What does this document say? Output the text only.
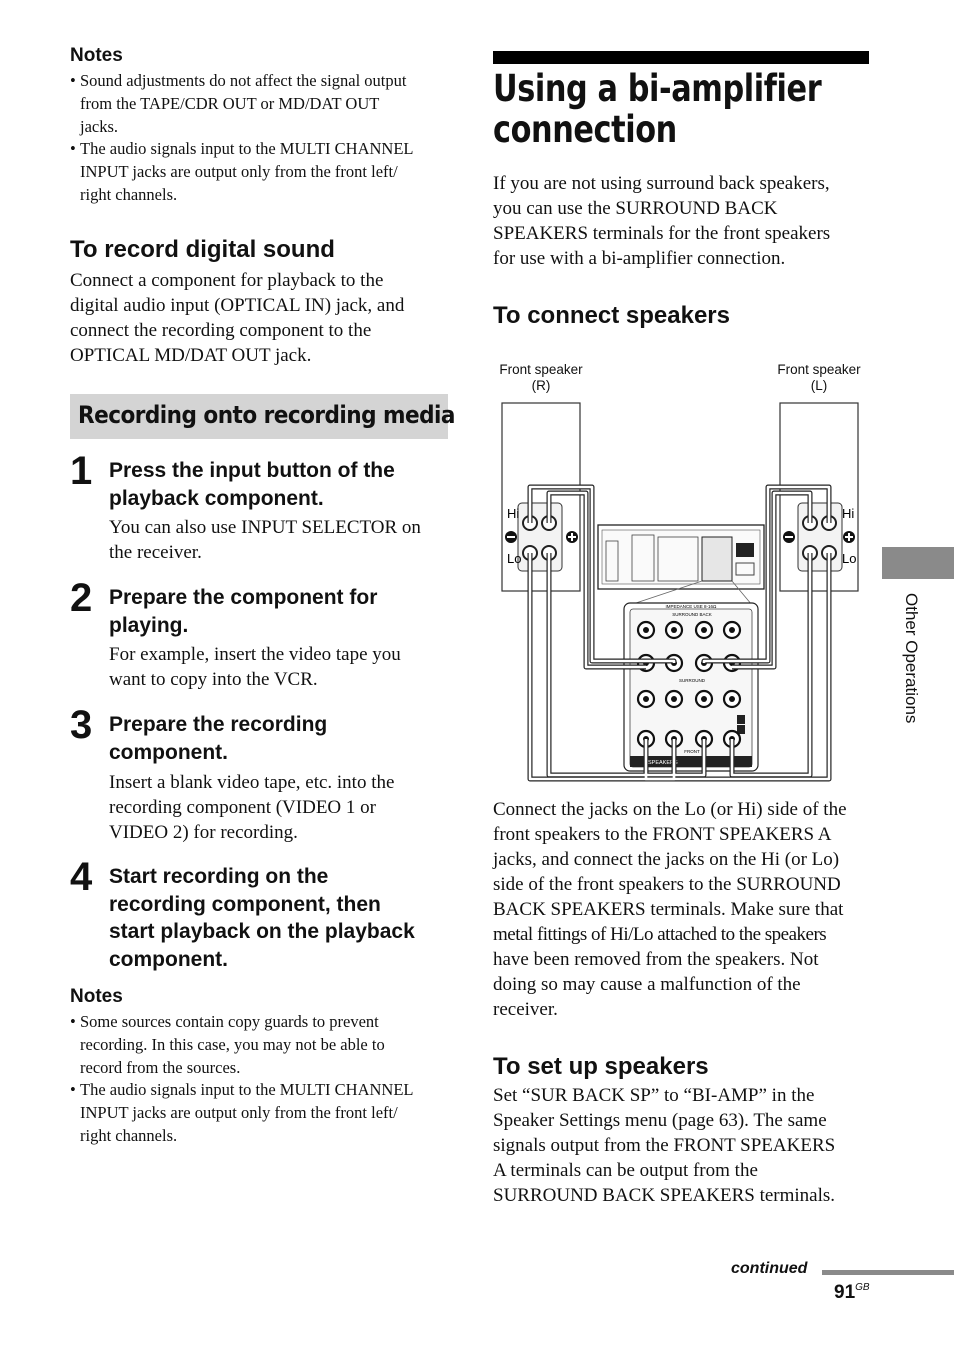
Notes
• Sound adjustments do not affect the signal output
from the TAPE/CDR OUT or MD/DAT OUT
jacks.
• The audio signals input to the MULTI CHANNEL
INPUT jacks are output only from the front left/
right channels.
To record digital sound
Connect a component for playback to the
digital audio input (OPTICAL IN) jack, and
connect the recording component to the
OPTICAL MD/DAT OUT jack.
Recording onto recording media
1 Press the input button of the
playback component.
You can also use INPUT SELECTOR on
the receiver.
2 Prepare the component for
playing.
For example, insert the video tape you
want to copy into the VCR.
3 Prepare the recording
component.
Insert a blank video tape, etc. into the
recording component (VIDEO 1 or
VIDEO 2) for recording.
4 Start recording on the
recording component, then
start playback on the playback
component.
Notes
• Some sources contain copy guards to prevent
recording. In this case, you may not be able to
record from the sources.
• The audio signals input to the MULTI CHANNEL
INPUT jacks are output only from the front left/
right channels.
Using a bi-amplifier
connection
If you are not using surround back speakers,
you can use the SURROUND BACK
SPEAKERS terminals for the front speakers
for use with a bi-amplifier connection.
To connect speakers
Front speaker
(R)
Front speaker
(L)
Hi
Lo
Hi
Lo
IMPEDANCE USE 8-16Ω
SURROUND BACK
SURROUND
FRONT
SPEAKERS
Connect the jacks on the Lo (or Hi) side of the
front speakers to the FRONT SPEAKERS A
jacks, and connect the jacks on the Hi (or Lo)
side of the front speakers to the SURROUND
BACK SPEAKERS terminals. Make sure that
metal fittings of Hi/Lo attached to the speakers
have been removed from the speakers. Not
doing so may cause a malfunction of the
receiver.
To set up speakers
Set “SUR BACK SP” to “BI-AMP” in the
Speaker Settings menu (page 63). The same
signals output from the FRONT SPEAKERS
A terminals can be output from the
SURROUND BACK SPEAKERS terminals.
Other Operations
continued
$91^{GB}$
